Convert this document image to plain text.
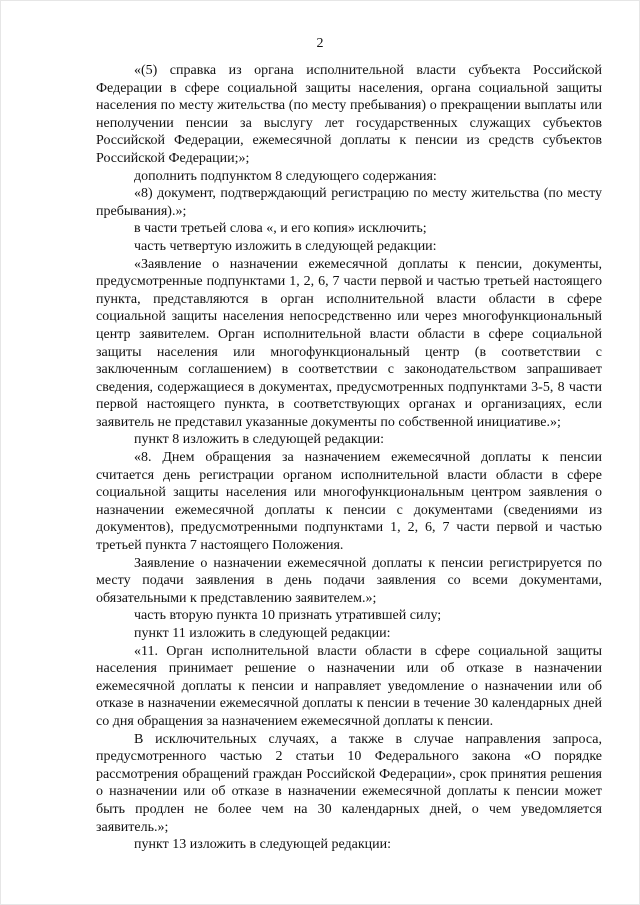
2

«(5) справка из органа исполнительной власти субъекта Российской Федерации в сфере социальной защиты населения, органа социальной защиты населения по месту жительства (по месту пребывания) о прекращении выплаты или неполучении пенсии за выслугу лет государственных служащих субъектов Российской Федерации, ежемесячной доплаты к пенсии из средств субъектов Российской Федерации;»;

дополнить подпунктом 8 следующего содержания:

«8) документ, подтверждающий регистрацию по месту жительства (по месту пребывания).»;

в части третьей слова «, и его копия» исключить;

часть четвертую изложить в следующей редакции:

«Заявление о назначении ежемесячной доплаты к пенсии, документы, предусмотренные подпунктами 1, 2, 6, 7 части первой и частью третьей настоящего пункта, представляются в орган исполнительной власти области в сфере социальной защиты населения непосредственно или через многофункциональный центр заявителем. Орган исполнительной власти области в сфере социальной защиты населения или многофункциональный центр (в соответствии с заключенным соглашением) в соответствии с законодательством запрашивает сведения, содержащиеся в документах, предусмотренных подпунктами 3-5, 8 части первой настоящего пункта, в соответствующих органах и организациях, если заявитель не представил указанные документы по собственной инициативе.»;

пункт 8 изложить в следующей редакции:

«8. Днем обращения за назначением ежемесячной доплаты к пенсии считается день регистрации органом исполнительной власти области в сфере социальной защиты населения или многофункциональным центром заявления о назначении ежемесячной доплаты к пенсии с документами (сведениями из документов), предусмотренными подпунктами 1, 2, 6, 7 части первой и частью третьей пункта 7 настоящего Положения.

Заявление о назначении ежемесячной доплаты к пенсии регистрируется по месту подачи заявления в день подачи заявления со всеми документами, обязательными к представлению заявителем.»;

часть вторую пункта 10 признать утратившей силу;

пункт 11 изложить в следующей редакции:

«11. Орган исполнительной власти области в сфере социальной защиты населения принимает решение о назначении или об отказе в назначении ежемесячной доплаты к пенсии и направляет уведомление о назначении или об отказе в назначении ежемесячной доплаты к пенсии в течение 30 календарных дней со дня обращения за назначением ежемесячной доплаты к пенсии.

В исключительных случаях, а также в случае направления запроса, предусмотренного частью 2 статьи 10 Федерального закона «О порядке рассмотрения обращений граждан Российской Федерации», срок принятия решения о назначении или об отказе в назначении ежемесячной доплаты к пенсии может быть продлен не более чем на 30 календарных дней, о чем уведомляется заявитель.»;

пункт 13 изложить в следующей редакции:
